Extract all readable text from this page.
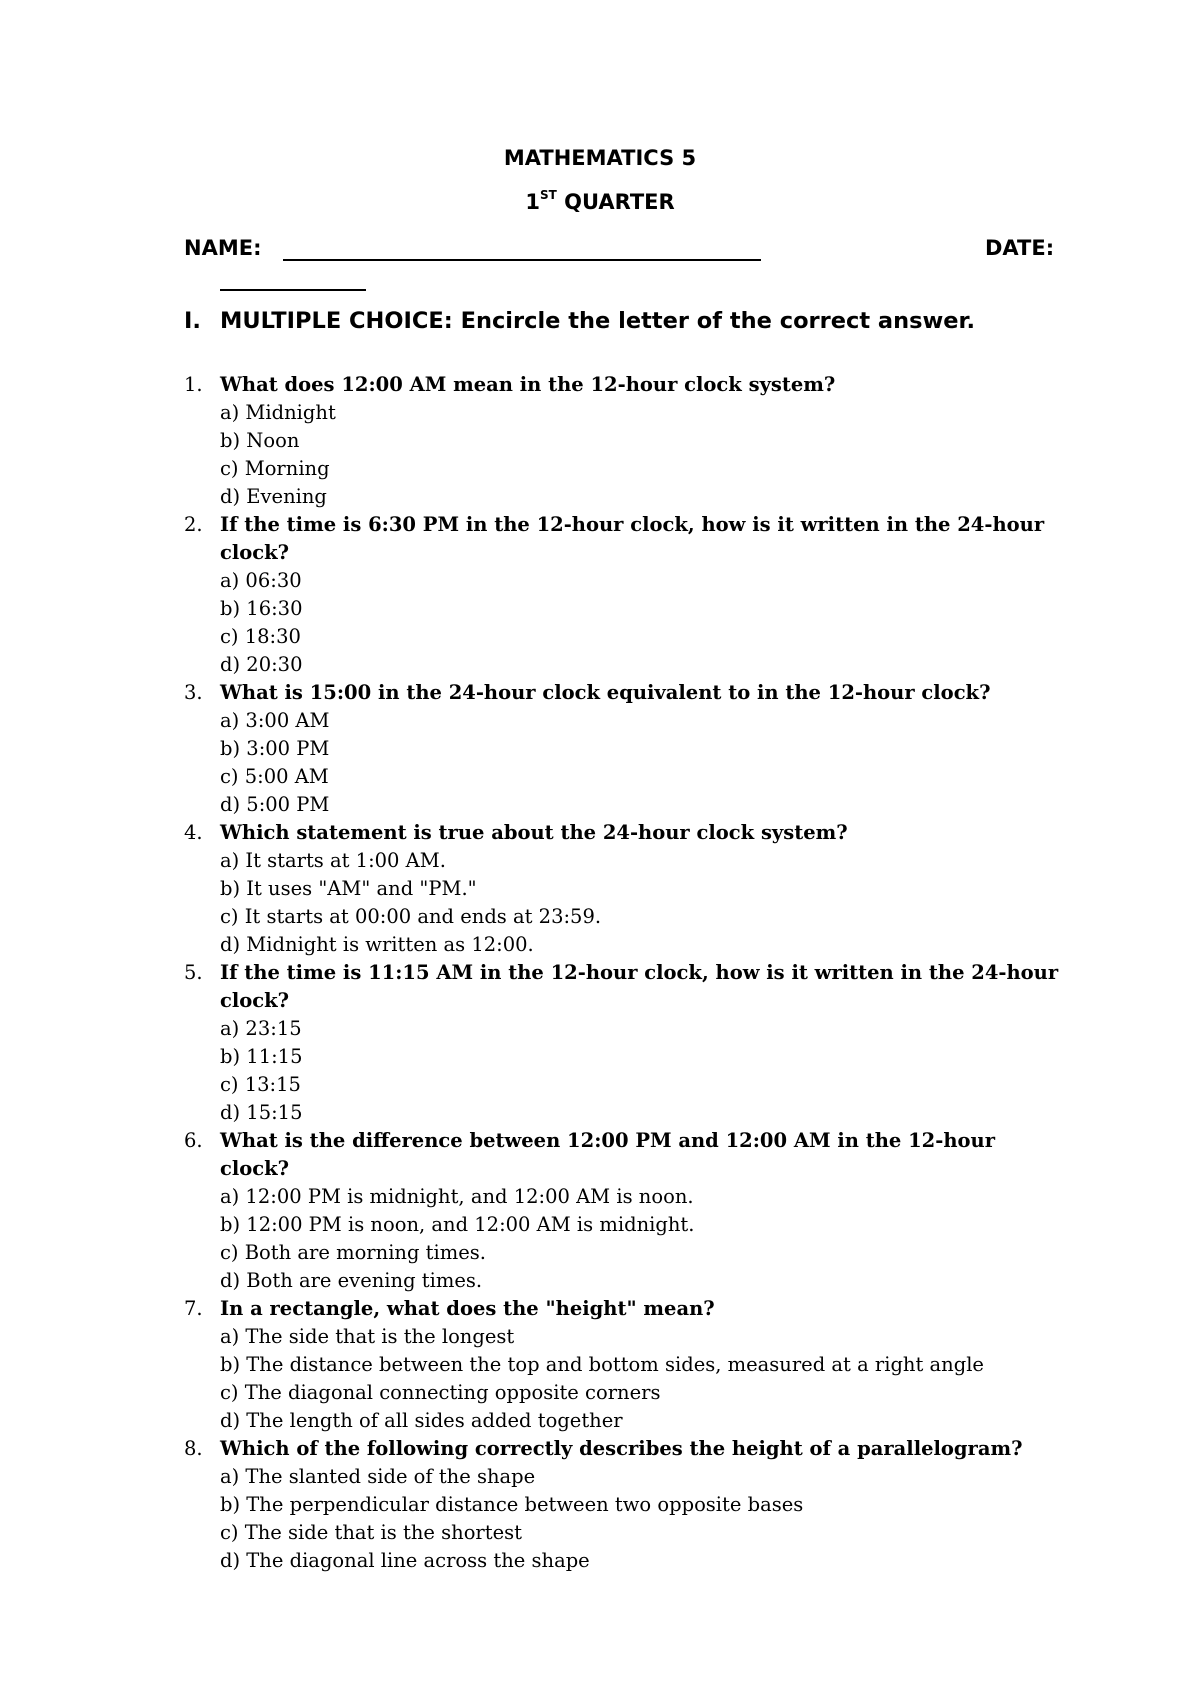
MATHEMATICS 5
1ST QUARTER
NAME:	DATE:
I. MULTIPLE CHOICE: Encircle the letter of the correct answer.
1. What does 12:00 AM mean in the 12-hour clock system?
a) Midnight
b) Noon
c) Morning
d) Evening
2. If the time is 6:30 PM in the 12-hour clock, how is it written in the 24-hour clock?
a) 06:30
b) 16:30
c) 18:30
d) 20:30
3. What is 15:00 in the 24-hour clock equivalent to in the 12-hour clock?
a) 3:00 AM
b) 3:00 PM
c) 5:00 AM
d) 5:00 PM
4. Which statement is true about the 24-hour clock system?
a) It starts at 1:00 AM.
b) It uses "AM" and "PM."
c) It starts at 00:00 and ends at 23:59.
d) Midnight is written as 12:00.
5. If the time is 11:15 AM in the 12-hour clock, how is it written in the 24-hour clock?
a) 23:15
b) 11:15
c) 13:15
d) 15:15
6. What is the difference between 12:00 PM and 12:00 AM in the 12-hour clock?
a) 12:00 PM is midnight, and 12:00 AM is noon.
b) 12:00 PM is noon, and 12:00 AM is midnight.
c) Both are morning times.
d) Both are evening times.
7. In a rectangle, what does the "height" mean?
a) The side that is the longest
b) The distance between the top and bottom sides, measured at a right angle
c) The diagonal connecting opposite corners
d) The length of all sides added together
8. Which of the following correctly describes the height of a parallelogram?
a) The slanted side of the shape
b) The perpendicular distance between two opposite bases
c) The side that is the shortest
d) The diagonal line across the shape
